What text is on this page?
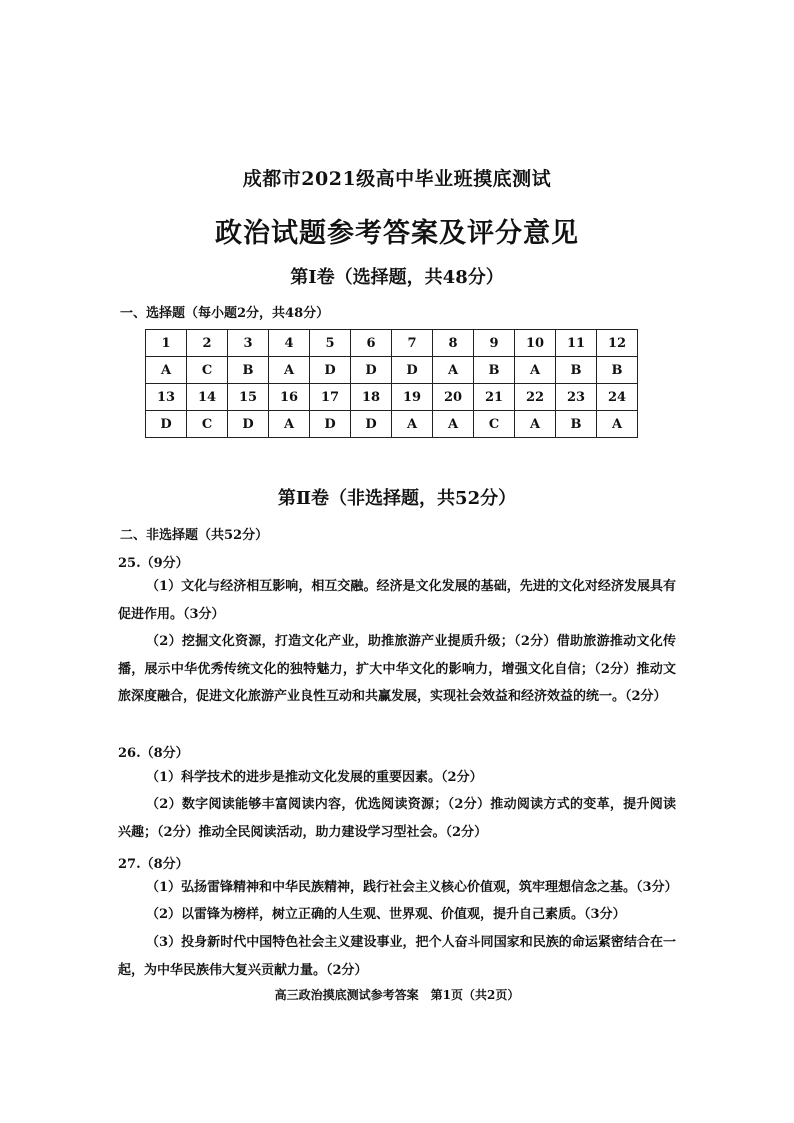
成都市2021级高中毕业班摸底测试
政治试题参考答案及评分意见
第Ⅰ卷（选择题，共48分）
一、选择题（每小题2分，共48分）
1	2	3	4	5	6	7	8	9	10	11	12
A	C	B	A	D	D	D	A	B	A	B	B
13	14	15	16	17	18	19	20	21	22	23	24
D	C	D	A	D	D	A	A	C	A	B	A
第Ⅱ卷（非选择题，共52分）
二、非选择题（共52分）
25.（9分）
（1）文化与经济相互影响，相互交融。经济是文化发展的基础，先进的文化对经济发展具有促进作用。（3分）
（2）挖掘文化资源，打造文化产业，助推旅游产业提质升级；（2分）借助旅游推动文化传播，展示中华优秀传统文化的独特魅力，扩大中华文化的影响力，增强文化自信；（2分）推动文旅深度融合，促进文化旅游产业良性互动和共赢发展，实现社会效益和经济效益的统一。（2分）
26.（8分）
（1）科学技术的进步是推动文化发展的重要因素。（2分）
（2）数字阅读能够丰富阅读内容，优选阅读资源；（2分）推动阅读方式的变革，提升阅读兴趣；（2分）推动全民阅读活动，助力建设学习型社会。（2分）
27.（8分）
（1）弘扬雷锋精神和中华民族精神，践行社会主义核心价值观，筑牢理想信念之基。（3分）
（2）以雷锋为榜样，树立正确的人生观、世界观、价值观，提升自己素质。（3分）
（3）投身新时代中国特色社会主义建设事业，把个人奋斗同国家和民族的命运紧密结合在一起，为中华民族伟大复兴贡献力量。（2分）
高三政治摸底测试参考答案　第1页（共2页）
